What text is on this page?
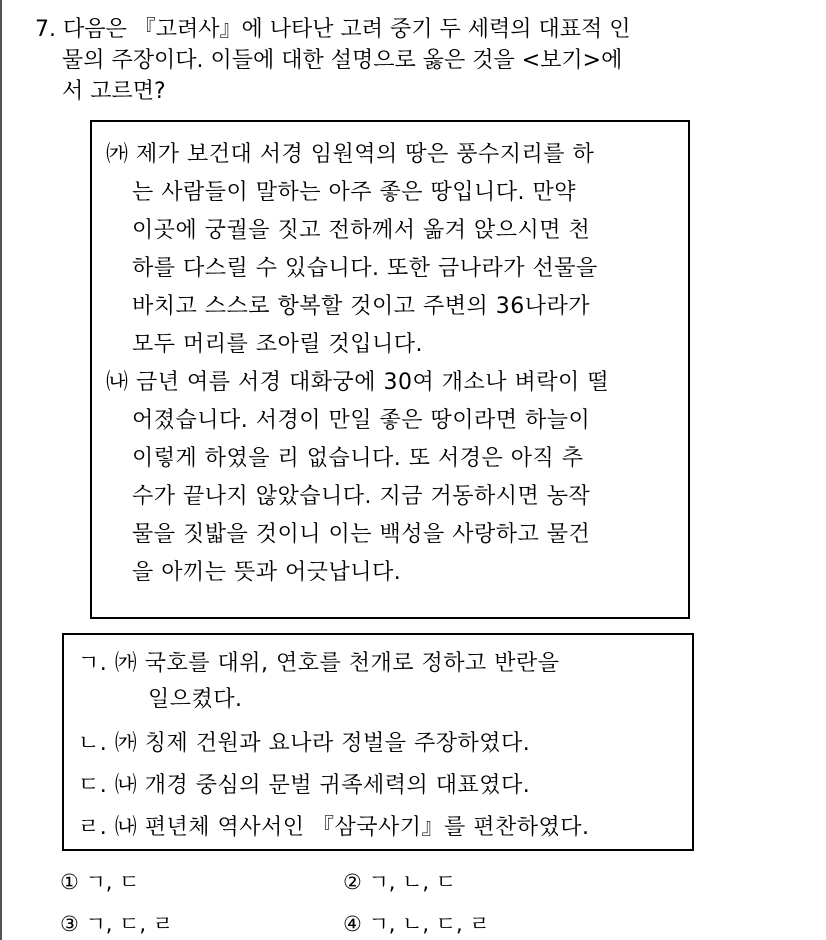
7. 다음은 『고려사』에 나타난 고려 중기 두 세력의 대표적 인
물의 주장이다. 이들에 대한 설명으로 옳은 것을 <보기>에
서 고르면?
㈎ 제가 보건대 서경 임원역의 땅은 풍수지리를 하
는 사람들이 말하는 아주 좋은 땅입니다. 만약
이곳에 궁궐을 짓고 전하께서 옮겨 앉으시면 천
하를 다스릴 수 있습니다. 또한 금나라가 선물을
바치고 스스로 항복할 것이고 주변의 36나라가
모두 머리를 조아릴 것입니다.
㈏ 금년 여름 서경 대화궁에 30여 개소나 벼락이 떨
어졌습니다. 서경이 만일 좋은 땅이라면 하늘이
이렇게 하였을 리 없습니다. 또 서경은 아직 추
수가 끝나지 않았습니다. 지금 거동하시면 농작
물을 짓밟을 것이니 이는 백성을 사랑하고 물건
을 아끼는 뜻과 어긋납니다.
ㄱ. ㈎ 국호를 대위, 연호를 천개로 정하고 반란을
일으켰다.
ㄴ. ㈎ 칭제 건원과 요나라 정벌을 주장하였다.
ㄷ. ㈏ 개경 중심의 문벌 귀족세력의 대표였다.
ㄹ. ㈏ 편년체 역사서인 『삼국사기』를 편찬하였다.
① ㄱ, ㄷ	② ㄱ, ㄴ, ㄷ
③ ㄱ, ㄷ, ㄹ	④ ㄱ, ㄴ, ㄷ, ㄹ
